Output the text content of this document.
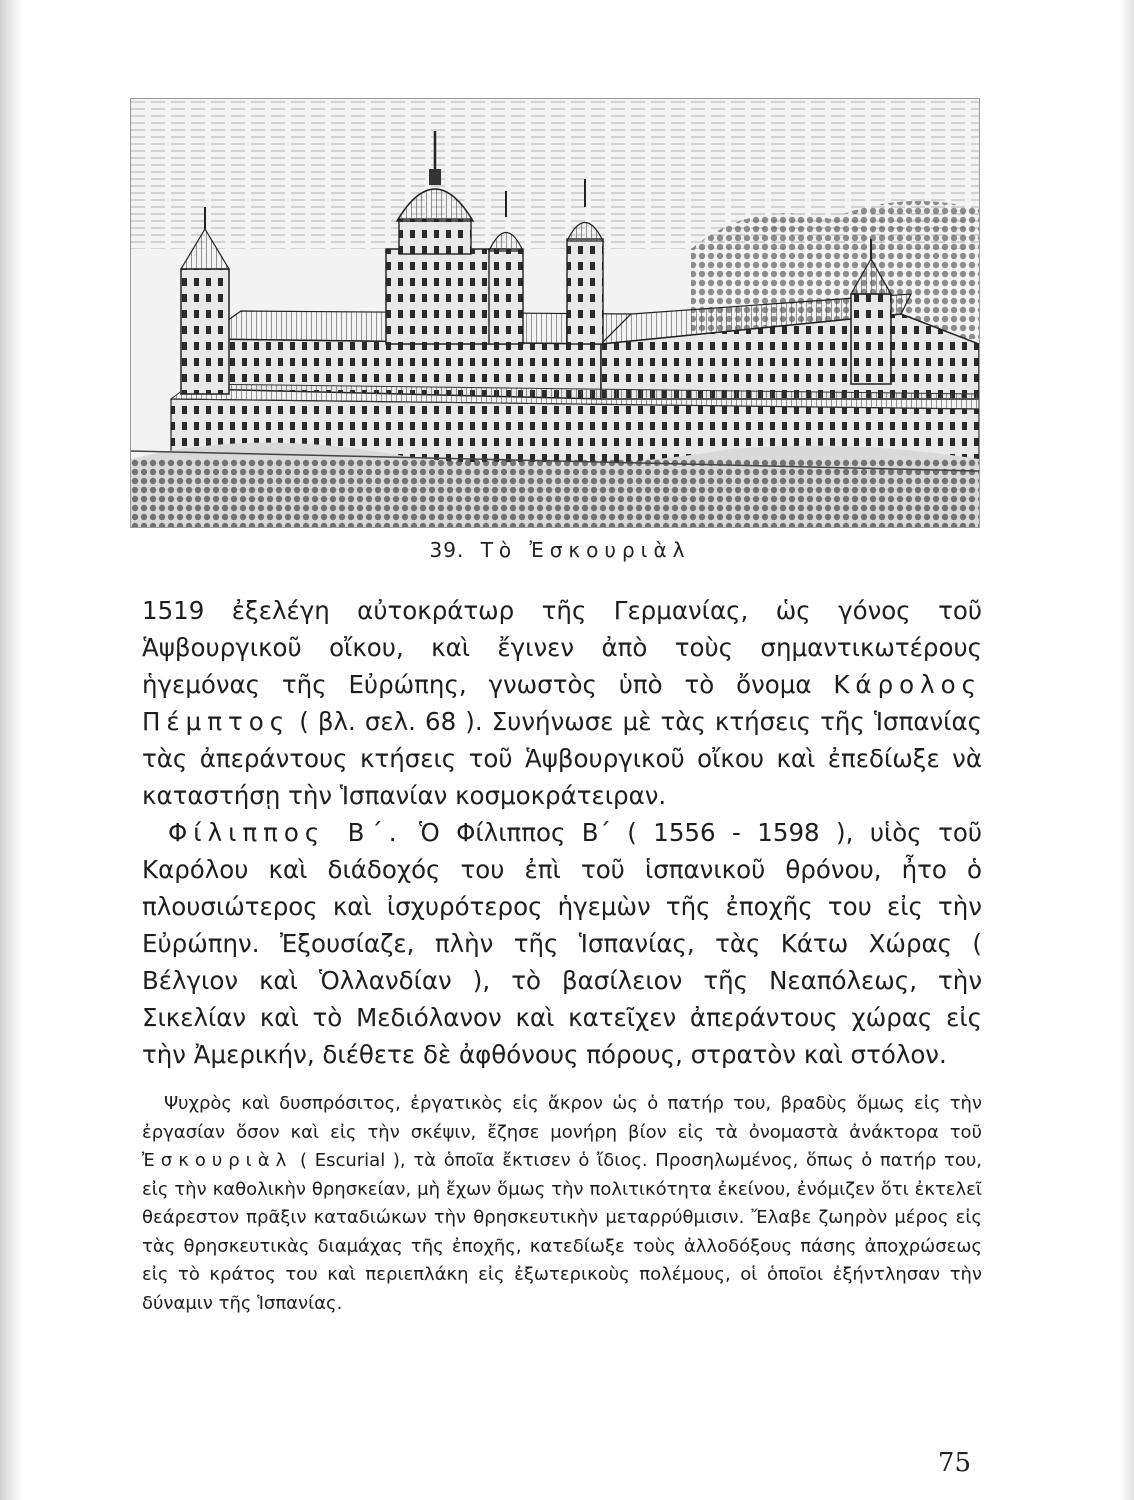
39. Τὸ Ἐσκουριὰλ

1519 ἐξελέγη αὐτοκράτωρ τῆς Γερμανίας, ὡς γόνος τοῦ Ἁψβουργικοῦ οἴκου, καὶ ἔγινεν ἀπὸ τοὺς σημαντικωτέρους ἡγεμόνας τῆς Εὐρώπης, γνωστὸς ὑπὸ τὸ ὄνομα Κάρολος Πέμπτος ( βλ. σελ. 68 ). Συνήνωσε μὲ τὰς κτήσεις τῆς Ἱσπανίας τὰς ἀπεράντους κτήσεις τοῦ Ἁψβουργικοῦ οἴκου καὶ ἐπεδίωξε νὰ καταστήσῃ τὴν Ἱσπανίαν κοσμοκράτειραν.

Φίλιππος Β΄. Ὁ Φίλιππος Β΄ ( 1556 - 1598 ), υἱὸς τοῦ Καρόλου καὶ διάδοχός του ἐπὶ τοῦ ἱσπανικοῦ θρόνου, ἦτο ὁ πλουσιώτερος καὶ ἰσχυρότερος ἡγεμὼν τῆς ἐποχῆς του εἰς τὴν Εὐρώπην. Ἐξουσίαζε, πλὴν τῆς Ἱσπανίας, τὰς Κάτω Χώρας ( Βέλγιον καὶ Ὁλλανδίαν ), τὸ βασίλειον τῆς Νεαπόλεως, τὴν Σικελίαν καὶ τὸ Μεδιόλανον καὶ κατεῖχεν ἀπεράντους χώρας εἰς τὴν Ἀμερικήν, διέθετε δὲ ἀφθόνους πόρους, στρατὸν καὶ στόλον.

Ψυχρὸς καὶ δυσπρόσιτος, ἐργατικὸς εἰς ἄκρον ὡς ὁ πατήρ του, βραδὺς ὅμως εἰς τὴν ἐργασίαν ὅσον καὶ εἰς τὴν σκέψιν, ἔζησε μονήρη βίον εἰς τὰ ὀνομαστὰ ἀνάκτορα τοῦ Ἐσκουριὰλ ( Escurial ), τὰ ὁποῖα ἔκτισεν ὁ ἴδιος. Προσηλωμένος, ὅπως ὁ πατήρ του, εἰς τὴν καθολικὴν θρησκείαν, μὴ ἔχων ὅμως τὴν πολιτικότητα ἐκείνου, ἐνόμιζεν ὅτι ἐκτελεῖ θεάρεστον πρᾶξιν καταδιώκων τὴν θρησκευτικὴν μεταρρύθμισιν. Ἔλαβε ζωηρὸν μέρος εἰς τὰς θρησκευτικὰς διαμάχας τῆς ἐποχῆς, κατεδίωξε τοὺς ἀλλοδόξους πάσης ἀποχρώσεως εἰς τὸ κράτος του καὶ περιεπλάκη εἰς ἐξωτερικοὺς πολέμους, οἱ ὁποῖοι ἐξήντλησαν τὴν δύναμιν τῆς Ἱσπανίας.

75
